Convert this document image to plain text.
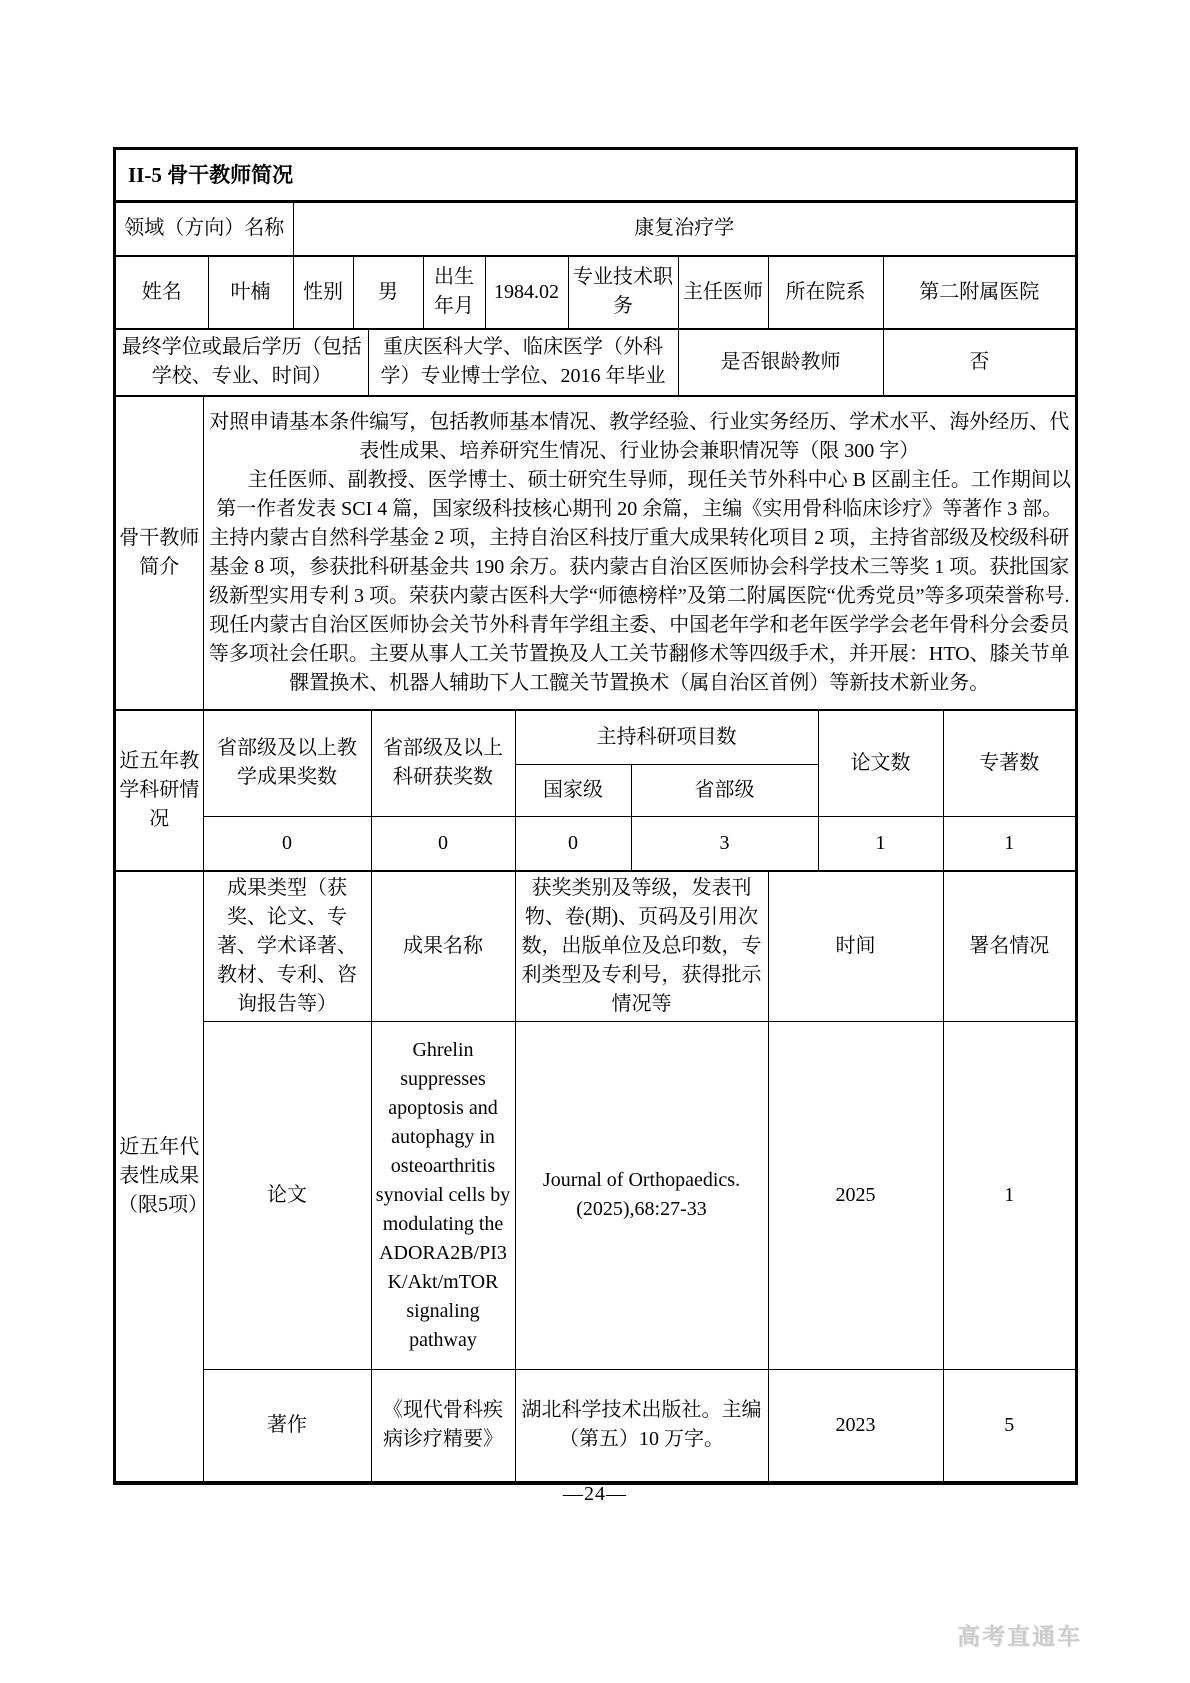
II-5 骨干教师简况
领域（方向）名称	康复治疗学
姓名	叶楠	性别	男	出生年月	1984.02	专业技术职务	主任医师	所在院系	第二附属医院
最终学位或最后学历（包括学校、专业、时间）	重庆医科大学、临床医学（外科学）专业博士学位、2016 年毕业	是否银龄教师	否
骨干教师简介	

对照申请基本条件编写，包括教师基本情况、教学经验、行业实务经历、学术水平、海外经历、代表性成果、培养研究生情况、行业协会兼职情况等（限 300 字）

主任医师、副教授、医学博士、硕士研究生导师，现任关节外科中心 B 区副主任。工作期间以第一作者发表 SCI 4 篇，国家级科技核心期刊 20 余篇，主编《实用骨科临床诊疗》等著作 3 部。主持内蒙古自然科学基金 2 项，主持自治区科技厅重大成果转化项目 2 项，主持省部级及校级科研基金 8 项，参获批科研基金共 190 余万。获内蒙古自治区医师协会科学技术三等奖 1 项。获批国家级新型实用专利 3 项。荣获内蒙古医科大学“师德榜样”及第二附属医院“优秀党员”等多项荣誉称号.现任内蒙古自治区医师协会关节外科青年学组主委、中国老年学和老年医学学会老年骨科分会委员等多项社会任职。主要从事人工关节置换及人工关节翻修术等四级手术，并开展：HTO、膝关节单髁置换术、机器人辅助下人工髋关节置换术（属自治区首例）等新技术新业务。

近五年教学科研情况	省部级及以上教学成果奖数	省部级及以上科研获奖数	主持科研项目数		论文数	专著数
			国家级	省部级		
	0	0	0	3	1	1
近五年代表性成果（限5项）	成果类型（获奖、论文、专著、学术译著、教材、专利、咨询报告等）	成果名称	获奖类别及等级，发表刊物、卷(期)、页码及引用次数，出版单位及总印数，专利类型及专利号，获得批示情况等	时间	署名情况
	论文	Ghrelin suppresses apoptosis and autophagy in osteoarthritis synovial cells by modulating the ADORA2B/PI3K/Akt/mTOR signaling pathway	Journal of Orthopaedics.(2025),68:27-33	2025	1
	著作	《现代骨科疾病诊疗精要》	湖北科学技术出版社。主编（第五）10 万字。	2023	5
—24—
高考直通车
